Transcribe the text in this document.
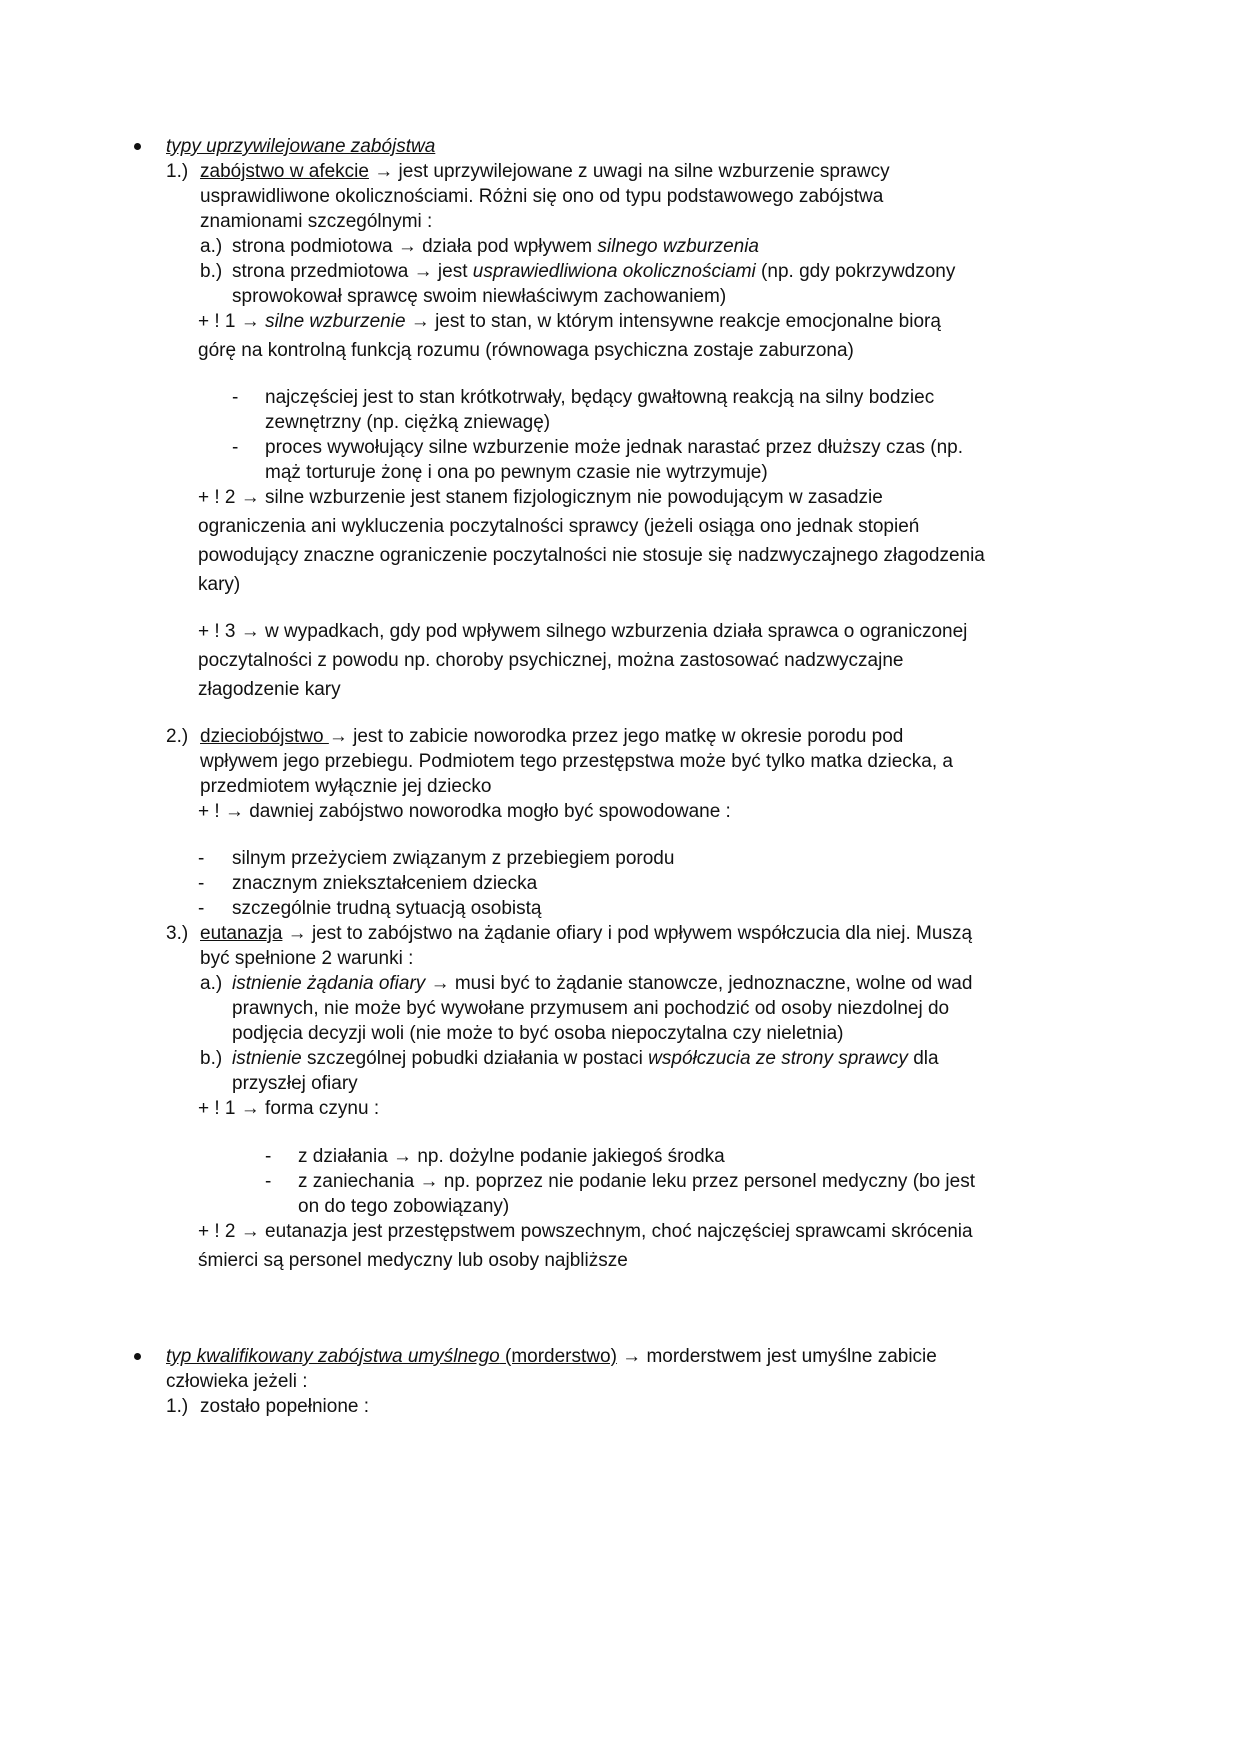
typy uprzywilejowane zabójstwa
1.) zabójstwo w afekcie → jest uprzywilejowane z uwagi na silne wzburzenie sprawcy
usprawidliwone okolicznościami. Różni się ono od typu podstawowego zabójstwa
znamionami szczególnymi :
a.) strona podmiotowa → działa pod wpływem silnego wzburzenia
b.) strona przedmiotowa → jest usprawiedliwiona okolicznościami (np. gdy pokrzywdzony
sprowokował sprawcę swoim niewłaściwym zachowaniem)
+ ! 1 → silne wzburzenie → jest to stan, w którym intensywne reakcje emocjonalne biorą
górę na kontrolną funkcją rozumu (równowaga psychiczna zostaje zaburzona)
- najczęściej jest to stan krótkotrwały, będący gwałtowną reakcją na silny bodziec
zewnętrzny (np. ciężką zniewagę)
- proces wywołujący silne wzburzenie może jednak narastać przez dłuższy czas (np.
mąż torturuje żonę i ona po pewnym czasie nie wytrzymuje)
+ ! 2 → silne wzburzenie jest stanem fizjologicznym nie powodującym w zasadzie
ograniczenia ani wykluczenia poczytalności sprawcy (jeżeli osiąga ono jednak stopień
powodujący znaczne ograniczenie poczytalności nie stosuje się nadzwyczajnego złagodzenia
kary)
+ ! 3 → w wypadkach, gdy pod wpływem silnego wzburzenia działa sprawca o ograniczonej
poczytalności z powodu np. choroby psychicznej, można zastosować nadzwyczajne
złagodzenie kary
2.) dzieciobójstwo → jest to zabicie noworodka przez jego matkę w okresie porodu pod
wpływem jego przebiegu. Podmiotem tego przestępstwa może być tylko matka dziecka, a
przedmiotem wyłącznie jej dziecko
+ ! → dawniej zabójstwo noworodka mogło być spowodowane :
- silnym przeżyciem związanym z przebiegiem porodu
- znacznym zniekształceniem dziecka
- szczególnie trudną sytuacją osobistą
3.) eutanazja → jest to zabójstwo na żądanie ofiary i pod wpływem współczucia dla niej. Muszą
być spełnione 2 warunki :
a.) istnienie żądania ofiary → musi być to żądanie stanowcze, jednoznaczne, wolne od wad
prawnych, nie może być wywołane przymusem ani pochodzić od osoby niezdolnej do
podjęcia decyzji woli (nie może to być osoba niepoczytalna czy nieletnia)
b.) istnienie szczególnej pobudki działania w postaci współczucia ze strony sprawcy dla
przyszłej ofiary
+ ! 1 → forma czynu :
- z działania → np. dożylne podanie jakiegoś środka
- z zaniechania → np. poprzez nie podanie leku przez personel medyczny (bo jest
on do tego zobowiązany)
+ ! 2 → eutanazja jest przestępstwem powszechnym, choć najczęściej sprawcami skrócenia
śmierci są personel medyczny lub osoby najbliższe
typ kwalifikowany zabójstwa umyślnego (morderstwo) → morderstwem jest umyślne zabicie
człowieka jeżeli :
1.) zostało popełnione :
